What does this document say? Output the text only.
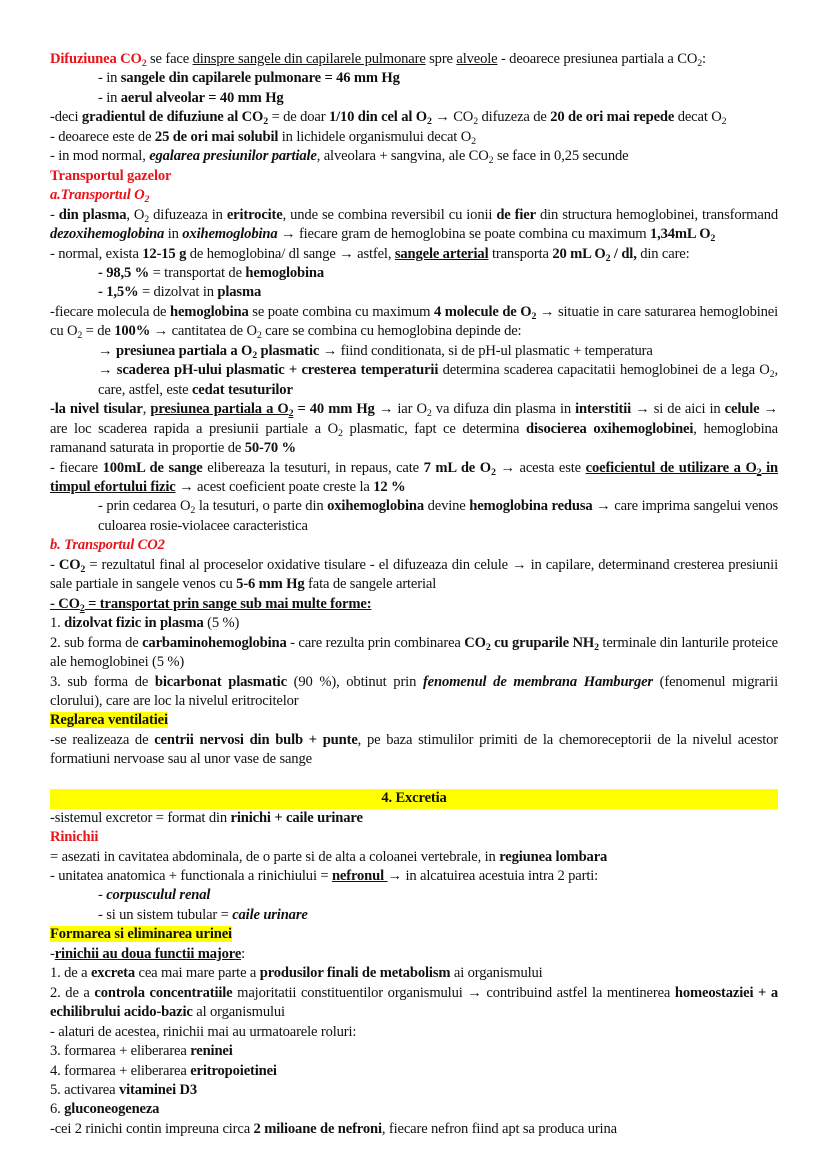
Difuziunea $CO_2$ se face dinspre sangele din capilarele pulmonare spre alveole - deoarece presiunea partiala a $CO_2$:

- in sangele din capilarele pulmonare = 46 mm Hg

- in aerul alveolar = 40 mm Hg

-deci gradientul de difuziune al $CO_2$ = de doar 1/10 din cel al $O_2 \to CO_2$ difuzeza de 20 de ori mai repede decat $O_2$

- deoarece este de 25 de ori mai solubil in lichidele organismului decat $O_2$

- in mod normal, egalarea presiunilor partiale, alveolara + sangvina, ale $CO_2$ se face in 0,25 secunde

Transportul gazelor

a.Transportul $O_2$

- din plasma, $O_2$ difuzeaza in eritrocite, unde se combina reversibil cu ionii de fier din structura hemoglobinei, transformand dezoxihemoglobina in oxihemoglobina → fiecare gram de hemoglobina se poate combina cu maximum 1,34mL $O_2$

- normal, exista 12-15 g de hemoglobina/ dl sange → astfel, sangele arterial transporta 20 mL $O_2$ / dl, din care:

- 98,5 % = transportat de hemoglobina

- 1,5% = dizolvat in plasma

-fiecare molecula de hemoglobina se poate combina cu maximum 4 molecule de $O_2$ → situatie in care saturarea hemoglobinei cu $O_2$ = de 100% → cantitatea de $O_2$ care se combina cu hemoglobina depinde de:

→ presiunea partiala a $O_2$ plasmatic → fiind conditionata, si de pH-ul plasmatic + temperatura

→ scaderea pH-ului plasmatic + cresterea temperaturii determina scaderea capacitatii hemoglobinei de a lega $O_2$, care, astfel, este cedat tesuturilor

-la nivel tisular, presiunea partiala a $O_2 = 40$ mm Hg → iar $O_2$ va difuza din plasma in interstitii → si de aici in celule → are loc scaderea rapida a presiunii partiale a $O_2$ plasmatic, fapt ce determina disocierea oxihemoglobinei, hemoglobina ramanand saturata in proportie de 50-70 %

- fiecare 100mL de sange elibereaza la tesuturi, in repaus, cate 7 mL de $O_2$ → acesta este coeficientul de utilizare a $O_2$ in timpul efortului fizic → acest coeficient poate creste la 12 %

- prin cedarea $O_2$ la tesuturi, o parte din oxihemoglobina devine hemoglobina redusa → care imprima sangelui venos culoarea rosie-violacee caracteristica

b. Transportul CO2

- $CO_2$ = rezultatul final al proceselor oxidative tisulare - el difuzeaza din celule → in capilare, determinand cresterea presiunii sale partiale in sangele venos cu 5-6 mm Hg fata de sangele arterial

- $CO_2$ = transportat prin sange sub mai multe forme:

1. dizolvat fizic in plasma (5 %)

2. sub forma de carbaminohemoglobina - care rezulta prin combinarea $CO_2$ cu gruparile $NH_2$ terminale din lanturile proteice ale hemoglobinei (5 %)

3. sub forma de bicarbonat plasmatic (90 %), obtinut prin fenomenul de membrana Hamburger (fenomenul migrarii clorului), care are loc la nivelul eritrocitelor

Reglarea ventilatiei

-se realizeaza de centrii nervosi din bulb + punte, pe baza stimulilor primiti de la chemoreceptorii de la nivelul acestor formatiuni nervoase sau al unor vase de sange

4. Excretia

-sistemul excretor = format din rinichi + caile urinare

Rinichii

= asezati in cavitatea abdominala, de o parte si de alta a coloanei vertebrale, in regiunea lombara

- unitatea anatomica + functionala a rinichiului = nefronul → in alcatuirea acestuia intra 2 parti:

- corpusculul renal

- si un sistem tubular = caile urinare

Formarea si eliminarea urinei

-rinichii au doua functii majore:

1. de a excreta cea mai mare parte a produsilor finali de metabolism ai organismului

2. de a controla concentratiile majoritatii constituentilor organismului → contribuind astfel la mentinerea homeostaziei + a echilibrului acido-bazic al organismului

- alaturi de acestea, rinichii mai au urmatoarele roluri:

3. formarea + eliberarea reninei

4. formarea + eliberarea eritropoietinei

5. activarea vitaminei D3

6. gluconeogeneza

-cei 2 rinichi contin impreuna circa 2 milioane de nefroni, fiecare nefron fiind apt sa produca urina
